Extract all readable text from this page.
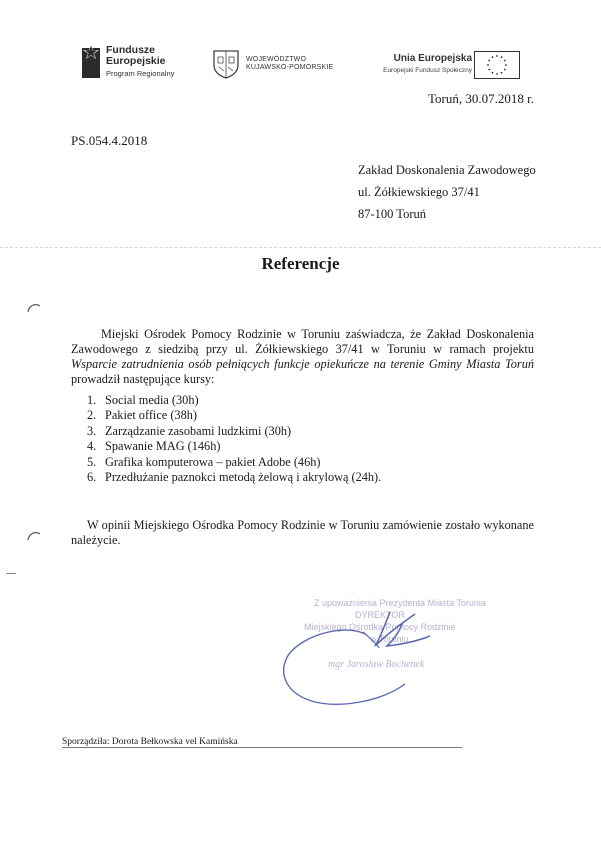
Fundusze
Europejskie
Program Regionalny
WOJEWÓDZTWO
KUJAWSKO-POMORSKIE
Unia Europejska
Europejski Fundusz Społeczny
Toruń, 30.07.2018 r.
PS.054.4.2018
Zakład Doskonalenia Zawodowego
ul. Żółkiewskiego 37/41
87-100 Toruń
Referencje
Miejski Ośrodek Pomocy Rodzinie w Toruniu zaświadcza, że Zakład Doskonalenia Zawodowego z siedzibą przy ul. Żółkiewskiego 37/41 w Toruniu w ramach projektu Wsparcie zatrudnienia osób pełniących funkcje opiekuńcze na terenie Gminy Miasta Toruń prowadził następujące kursy:
1. Social media (30h)
2. Pakiet office (38h)
3. Zarządzanie zasobami ludzkimi (30h)
4. Spawanie MAG (146h)
5. Grafika komputerowa – pakiet Adobe (46h)
6. Przedłużanie paznokci metodą żelową i akrylową (24h).
W opinii Miejskiego Ośrodka Pomocy Rodzinie w Toruniu zamówienie zostało wykonane należycie.
Z upoważnienia Prezydenta Miasta Torunia
DYREKTOR
Miejskiego Ośrodka Pomocy Rodzinie
w Toruniu
mgr Jarosław Bochenek
Sporządziła: Dorota Bełkowska vel Kamińska
